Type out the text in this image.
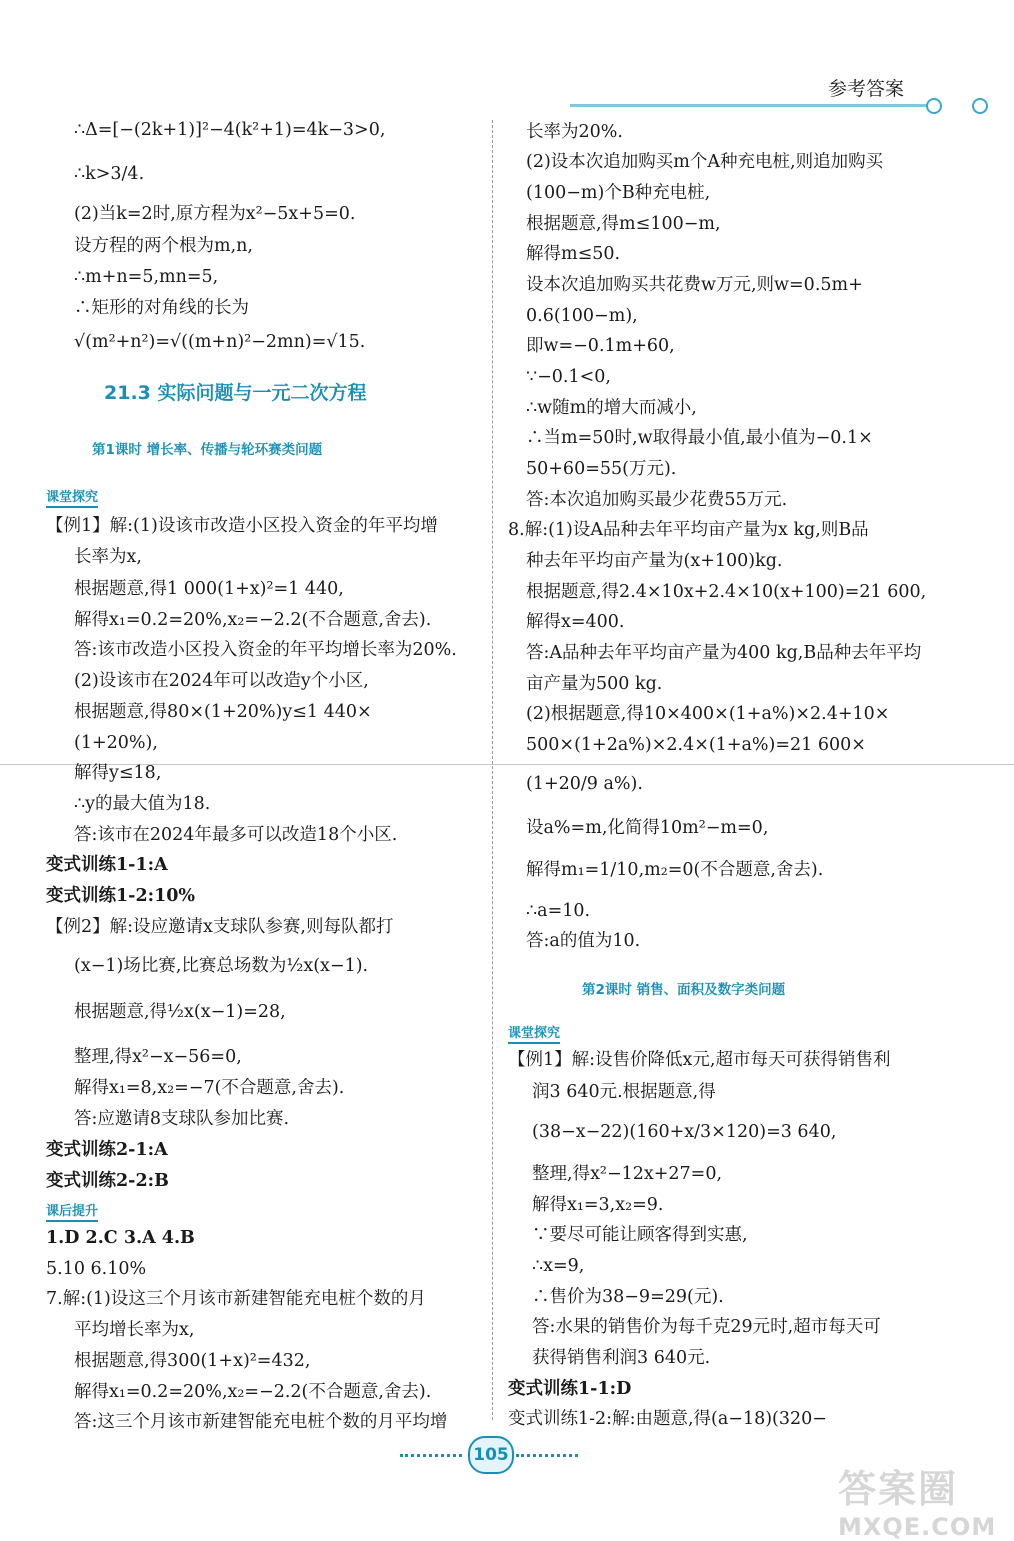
参考答案
∴Δ=[−(2k+1)]²−4(k²+1)=4k−3>0,
∴k>3/4.
(2)当k=2时,原方程为x²−5x+5=0.
设方程的两个根为m,n,
∴m+n=5,mn=5,
∴矩形的对角线的长为
√(m²+n²)=√((m+n)²−2mn)=√15.
21.3 实际问题与一元二次方程
第1课时 增长率、传播与轮环赛类问题
课堂探究
【例1】解:(1)设该市改造小区投入资金的年平均增
长率为x,
根据题意,得1 000(1+x)²=1 440,
解得x₁=0.2=20%,x₂=−2.2(不合题意,舍去).
答:该市改造小区投入资金的年平均增长率为20%.
(2)设该市在2024年可以改造y个小区,
根据题意,得80×(1+20%)y≤1 440×
(1+20%),
解得y≤18,
∴y的最大值为18.
答:该市在2024年最多可以改造18个小区.
变式训练1-1:A
变式训练1-2:10%
【例2】解:设应邀请x支球队参赛,则每队都打
(x−1)场比赛,比赛总场数为½x(x−1).
根据题意,得½x(x−1)=28,
整理,得x²−x−56=0,
解得x₁=8,x₂=−7(不合题意,舍去).
答:应邀请8支球队参加比赛.
变式训练2-1:A
变式训练2-2:B
课后提升
1.D 2.C 3.A 4.B
5.10 6.10%
7.解:(1)设这三个月该市新建智能充电桩个数的月
平均增长率为x,
根据题意,得300(1+x)²=432,
解得x₁=0.2=20%,x₂=−2.2(不合题意,舍去).
答:这三个月该市新建智能充电桩个数的月平均增
长率为20%.
(2)设本次追加购买m个A种充电桩,则追加购买
(100−m)个B种充电桩,
根据题意,得m≤100−m,
解得m≤50.
设本次追加购买共花费w万元,则w=0.5m+
0.6(100−m),
即w=−0.1m+60,
∵−0.1<0,
∴w随m的增大而减小,
∴当m=50时,w取得最小值,最小值为−0.1×
50+60=55(万元).
答:本次追加购买最少花费55万元.
8.解:(1)设A品种去年平均亩产量为x kg,则B品
种去年平均亩产量为(x+100)kg.
根据题意,得2.4×10x+2.4×10(x+100)=21 600,
解得x=400.
答:A品种去年平均亩产量为400 kg,B品种去年平均
亩产量为500 kg.
(2)根据题意,得10×400×(1+a%)×2.4+10×
500×(1+2a%)×2.4×(1+a%)=21 600×
(1+20/9 a%).
设a%=m,化简得10m²−m=0,
解得m₁=1/10,m₂=0(不合题意,舍去).
∴a=10.
答:a的值为10.
第2课时 销售、面积及数字类问题
课堂探究
【例1】解:设售价降低x元,超市每天可获得销售利
润3 640元.根据题意,得
(38−x−22)(160+x/3×120)=3 640,
整理,得x²−12x+27=0,
解得x₁=3,x₂=9.
∵要尽可能让顾客得到实惠,
∴x=9,
∴售价为38−9=29(元).
答:水果的销售价为每千克29元时,超市每天可
获得销售利润3 640元.
变式训练1-1:D
变式训练1-2:解:由题意,得(a−18)(320−
105
答案圈
MXQE.COM
